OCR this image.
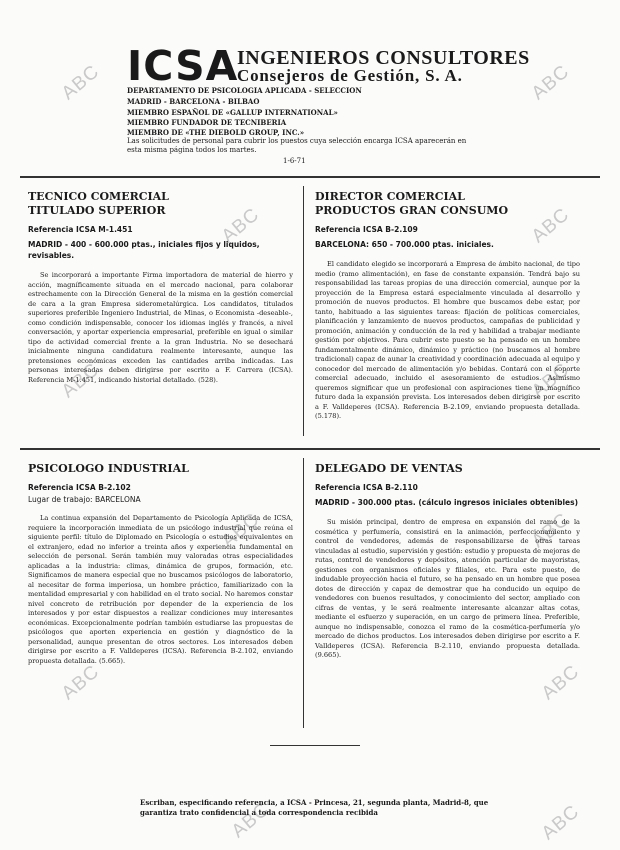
ABC	ABC
ABC	ABC
ABC	ABC
ABC	ABC
ABC	ABC
ABC	ABC
ICSA
INGENIEROS CONSULTORES
Consejeros de Gestión, S. A.
DEPARTAMENTO DE PSICOLOGIA APLICADA - SELECCION
MADRID - BARCELONA - BILBAO
MIEMBRO ESPAÑOL DE «GALLUP INTERNATIONAL»
MIEMBRO FUNDADOR DE TECNIBERIA
MIEMBRO DE «THE DIEBOLD GROUP, INC.»
Las solicitudes de personal para cubrir los puestos cuya selección encarga ICSA aparecerán en esta misma página todos los martes.
1-6-71
TECNICO COMERCIAL
TITULADO SUPERIOR
Referencia ICSA M-1.451
MADRID - 400 - 600.000 ptas., iniciales fijos y liquidos, revisables.
Se incorporará a importante Firma importadora de material de hierro y acción, magníficamente situada en el mercado nacional, para colaborar estrechamente con la Dirección General de la misma en la gestión comercial de cara a la gran Empresa siderometalúrgica. Los candidatos, titulados superiores preferible Ingeniero Industrial, de Minas, o Economista -deseable-, como condición indispensable, conocer los idiomas inglés y francés, a nivel conversación, y aportar experiencia empresarial, preferible en igual o similar tipo de actividad comercial frente a la gran Industria. No se desechará inicialmente ninguna candidatura realmente interesante, aunque las pretensiones económicas exceden las cantidades arriba indicadas. Las personas interesadas deben dirigirse por escrito a F. Carrera (ICSA). Referencia M-1.451, indicando historial detallado. (528).
DIRECTOR COMERCIAL
PRODUCTOS GRAN CONSUMO
Referencia ICSA B-2.109
BARCELONA: 650 - 700.000 ptas. iniciales.
El candidato elegido se incorporará a Empresa de ámbito nacional, de tipo medio (ramo alimentación), en fase de constante expansión. Tendrá bajo su responsabilidad las tareas propias de una dirección comercial, aunque por la proyección de la Empresa estará especialmente vinculada al desarrollo y promoción de nuevos productos. El hombre que buscamos debe estar, por tanto, habituado a las siguientes tareas: fijación de políticas comerciales, planificación y lanzamiento de nuevos productos, campañas de publicidad y promoción, animación y conducción de la red y habilidad a trabajar mediante gestión por objetivos. Para cubrir este puesto se ha pensado en un hombre fundamentalmente dinámico, dinámico y práctico (no buscamos al hombre tradicional) capaz de aunar la creatividad y coordinación adecuada al equipo y conocedor del mercado de alimentación y/o bebidas. Contará con el soporte comercial adecuado, incluido el asesoramiento de estudios. Asimismo queremos significar que un profesional con aspiraciones tiene un magnífico futuro dada la expansión prevista. Los interesados deben dirigirse por escrito a F. Valldeperes (ICSA). Referencia B-2.109, enviando propuesta detallada. (5.178).
PSICOLOGO INDUSTRIAL
Referencia ICSA B-2.102
Lugar de trabajo: BARCELONA
La continua expansión del Departamento de Psicología Aplicada de ICSA, requiere la incorporación inmediata de un psicólogo industrial que reúna el siguiente perfil: título de Diplomado en Psicología o estudios equivalentes en el extranjero, edad no inferior a treinta años y experiencia fundamental en selección de personal. Serán también muy valoradas otras especialidades aplicadas a la industria: climas, dinámica de grupos, formación, etc. Significamos de manera especial que no buscamos psicólogos de laboratorio, al necesitar de forma imperiosa, un hombre práctico, familiarizado con la mentalidad empresarial y con habilidad en el trato social. No haremos constar nivel concreto de retribución por depender de la experiencia de los interesados y por estar dispuestos a realizar condiciones muy interesantes económicas. Excepcionalmente podrían también estudiarse las propuestas de psicólogos que aporten experiencia en gestión y diagnóstico de la personalidad, aunque presentan de otros sectores. Los interesados deben dirigirse por escrito a F. Valldeperes (ICSA). Referencia B-2.102, enviando propuesta detallada. (5.665).
DELEGADO DE VENTAS
Referencia ICSA B-2.110
MADRID - 300.000 ptas. (cálculo ingresos iniciales obtenibles)
Su misión principal, dentro de empresa en expansión del ramo de la cosmética y perfumería, consistirá en la animación, perfeccionamiento y control de vendedores, además de responsabilizarse de otras tareas vinculadas al estudio, supervisión y gestión: estudio y propuesta de mejoras de rutas, control de vendedores y depósitos, atención particular de mayoristas, gestiones con organismos oficiales y filiales, etc. Para este puesto, de indudable proyección hacia el futuro, se ha pensado en un hombre que posea dotes de dirección y capaz de demostrar que ha conducido un equipo de vendedores con buenos resultados, y conocimiento del sector, ampliado con cifras de ventas, y le será realmente interesante alcanzar altas cotas, mediante el esfuerzo y superación, en un cargo de primera línea. Preferible, aunque no indispensable, conozca el ramo de la cosmética-perfumería y/o mercado de dichos productos. Los interesados deben dirigirse por escrito a F. Valldeperes (ICSA). Referencia B-2.110, enviando propuesta detallada. (9.665).
Escriban, especificando referencia, a ICSA - Princesa, 21, segunda planta, Madrid-8, que garantiza trato confidencial a toda correspondencia recibida
